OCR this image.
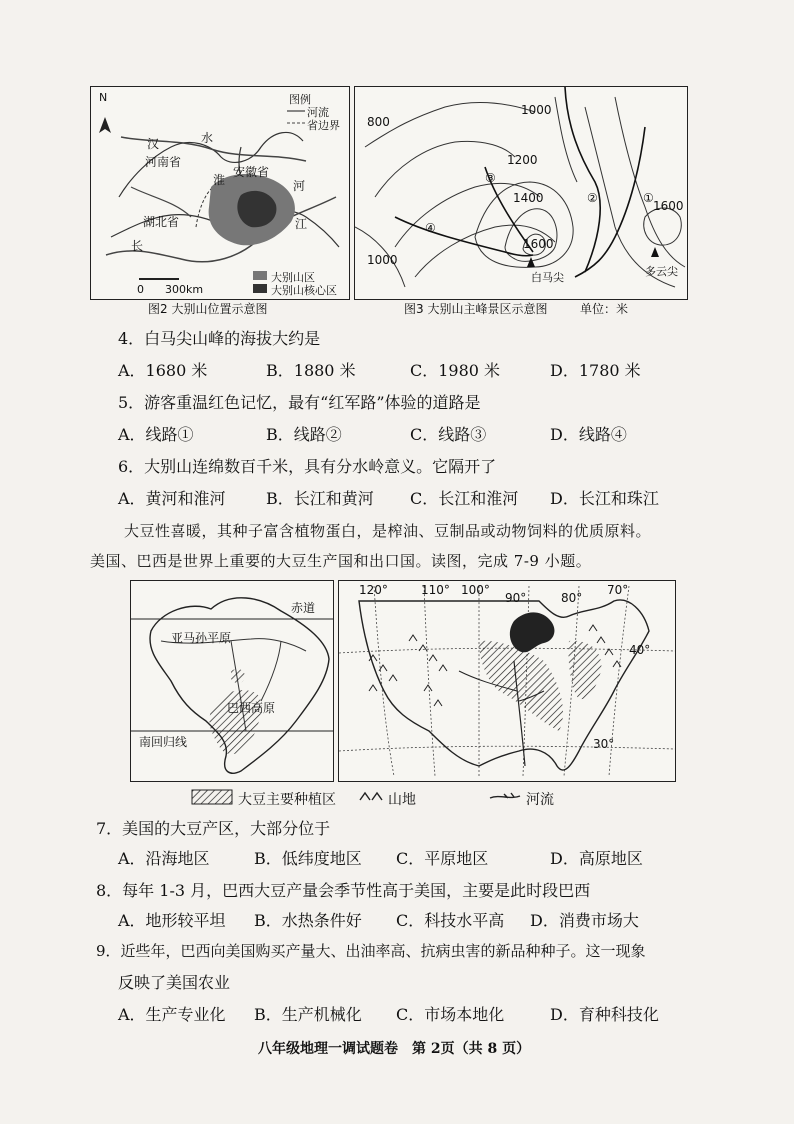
N	图例
河流
省边界
河南省
安徽省
湖北省
淮	河
江
长
汉	水
0 300km
大别山区
大别山核心区
图2 大别山位置示意图
800
1000
1200
1400
1600
1600
1000
①
②
③
④
白马尖	多云尖
图3 大别山主峰景区示意图	单位：米
4．白马尖山峰的海拔大约是
A．1680 米	B．1880 米	C．1980 米	D．1780 米
5．游客重温红色记忆，最有“红军路”体验的道路是
A．线路①	B．线路②	C．线路③	D．线路④
6．大别山连绵数百千米，具有分水岭意义。它隔开了
A．黄河和淮河	B．长江和黄河 C．长江和淮河 D．长江和珠江
大豆性喜暖，其种子富含植物蛋白，是榨油、豆制品或动物饲料的优质原料。
美国、巴西是世界上重要的大豆生产国和出口国。读图，完成 7-9 小题。
赤道
亚马孙平原
巴西高原
南回归线
120°	110° 100°
90°	80°
70°
40°
30°
大豆主要种植区	山地	河流
7．美国的大豆产区，大部分位于
A．沿海地区	B．低纬度地区 C．平原地区	D．高原地区
8．每年 1-3 月，巴西大豆产量会季节性高于美国，主要是此时段巴西
A．地形较平坦 B．水热条件好 C．科技水平高 D．消费市场大
9．近些年，巴西向美国购买产量大、出油率高、抗病虫害的新品种种子。这一现象
反映了美国农业
A．生产专业化 B．生产机械化 C．市场本地化	D．育种科技化
八年级地理一调试题卷　第 2页（共 8 页）
